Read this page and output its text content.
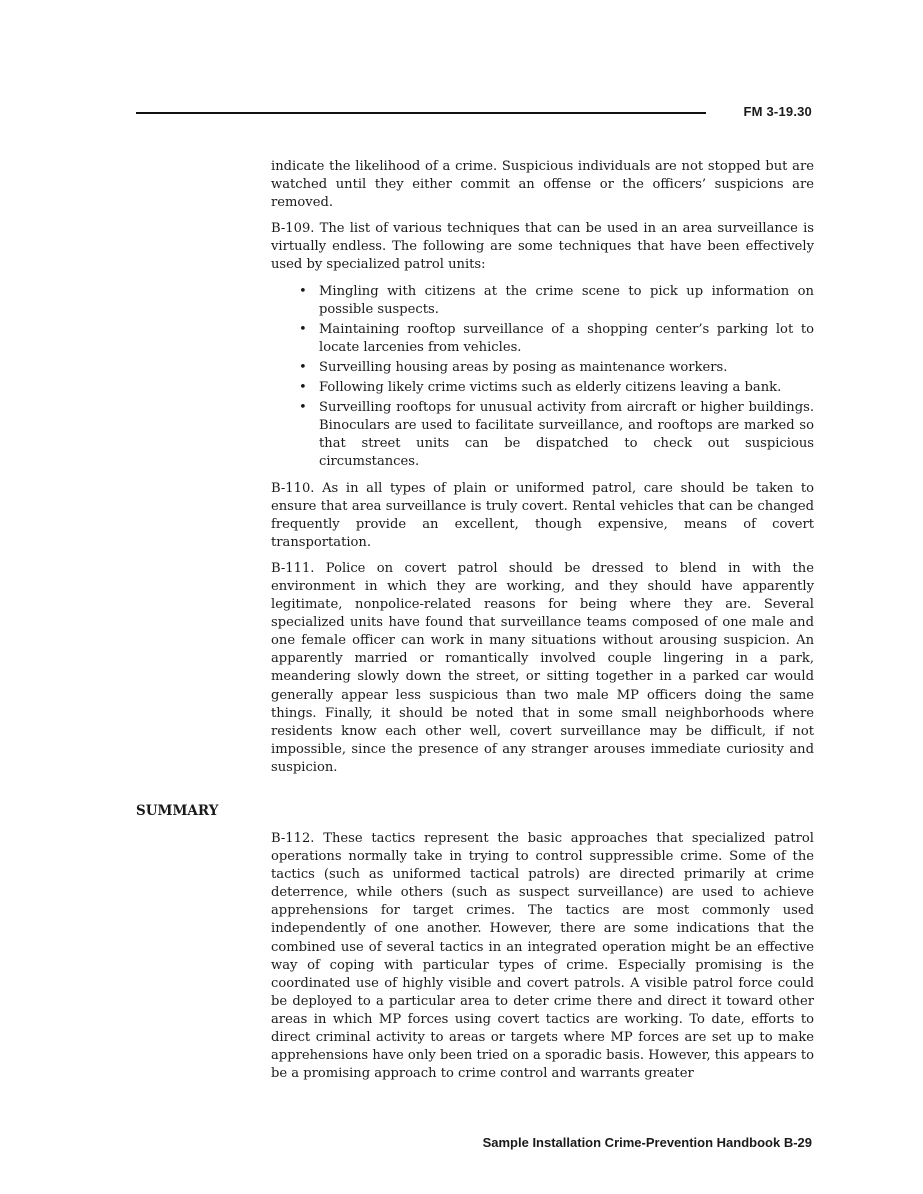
FM 3-19.30

indicate the likelihood of a crime. Suspicious individuals are not stopped but are watched until they either commit an offense or the officers’ suspicions are removed.

B-109. The list of various techniques that can be used in an area surveillance is virtually endless. The following are some techniques that have been effectively used by specialized patrol units:

• Mingling with citizens at the crime scene to pick up information on possible suspects.
• Maintaining rooftop surveillance of a shopping center’s parking lot to locate larcenies from vehicles.
• Surveilling housing areas by posing as maintenance workers.
• Following likely crime victims such as elderly citizens leaving a bank.
• Surveilling rooftops for unusual activity from aircraft or higher buildings. Binoculars are used to facilitate surveillance, and rooftops are marked so that street units can be dispatched to check out suspicious circumstances.

B-110. As in all types of plain or uniformed patrol, care should be taken to ensure that area surveillance is truly covert. Rental vehicles that can be changed frequently provide an excellent, though expensive, means of covert transportation.

B-111. Police on covert patrol should be dressed to blend in with the environment in which they are working, and they should have apparently legitimate, nonpolice-related reasons for being where they are. Several specialized units have found that surveillance teams composed of one male and one female officer can work in many situations without arousing suspicion. An apparently married or romantically involved couple lingering in a park, meandering slowly down the street, or sitting together in a parked car would generally appear less suspicious than two male MP officers doing the same things. Finally, it should be noted that in some small neighborhoods where residents know each other well, covert surveillance may be difficult, if not impossible, since the presence of any stranger arouses immediate curiosity and suspicion.

SUMMARY

B-112. These tactics represent the basic approaches that specialized patrol operations normally take in trying to control suppressible crime. Some of the tactics (such as uniformed tactical patrols) are directed primarily at crime deterrence, while others (such as suspect surveillance) are used to achieve apprehensions for target crimes. The tactics are most commonly used independently of one another. However, there are some indications that the combined use of several tactics in an integrated operation might be an effective way of coping with particular types of crime. Especially promising is the coordinated use of highly visible and covert patrols. A visible patrol force could be deployed to a particular area to deter crime there and direct it toward other areas in which MP forces using covert tactics are working. To date, efforts to direct criminal activity to areas or targets where MP forces are set up to make apprehensions have only been tried on a sporadic basis. However, this appears to be a promising approach to crime control and warrants greater

Sample Installation Crime-Prevention Handbook B-29
